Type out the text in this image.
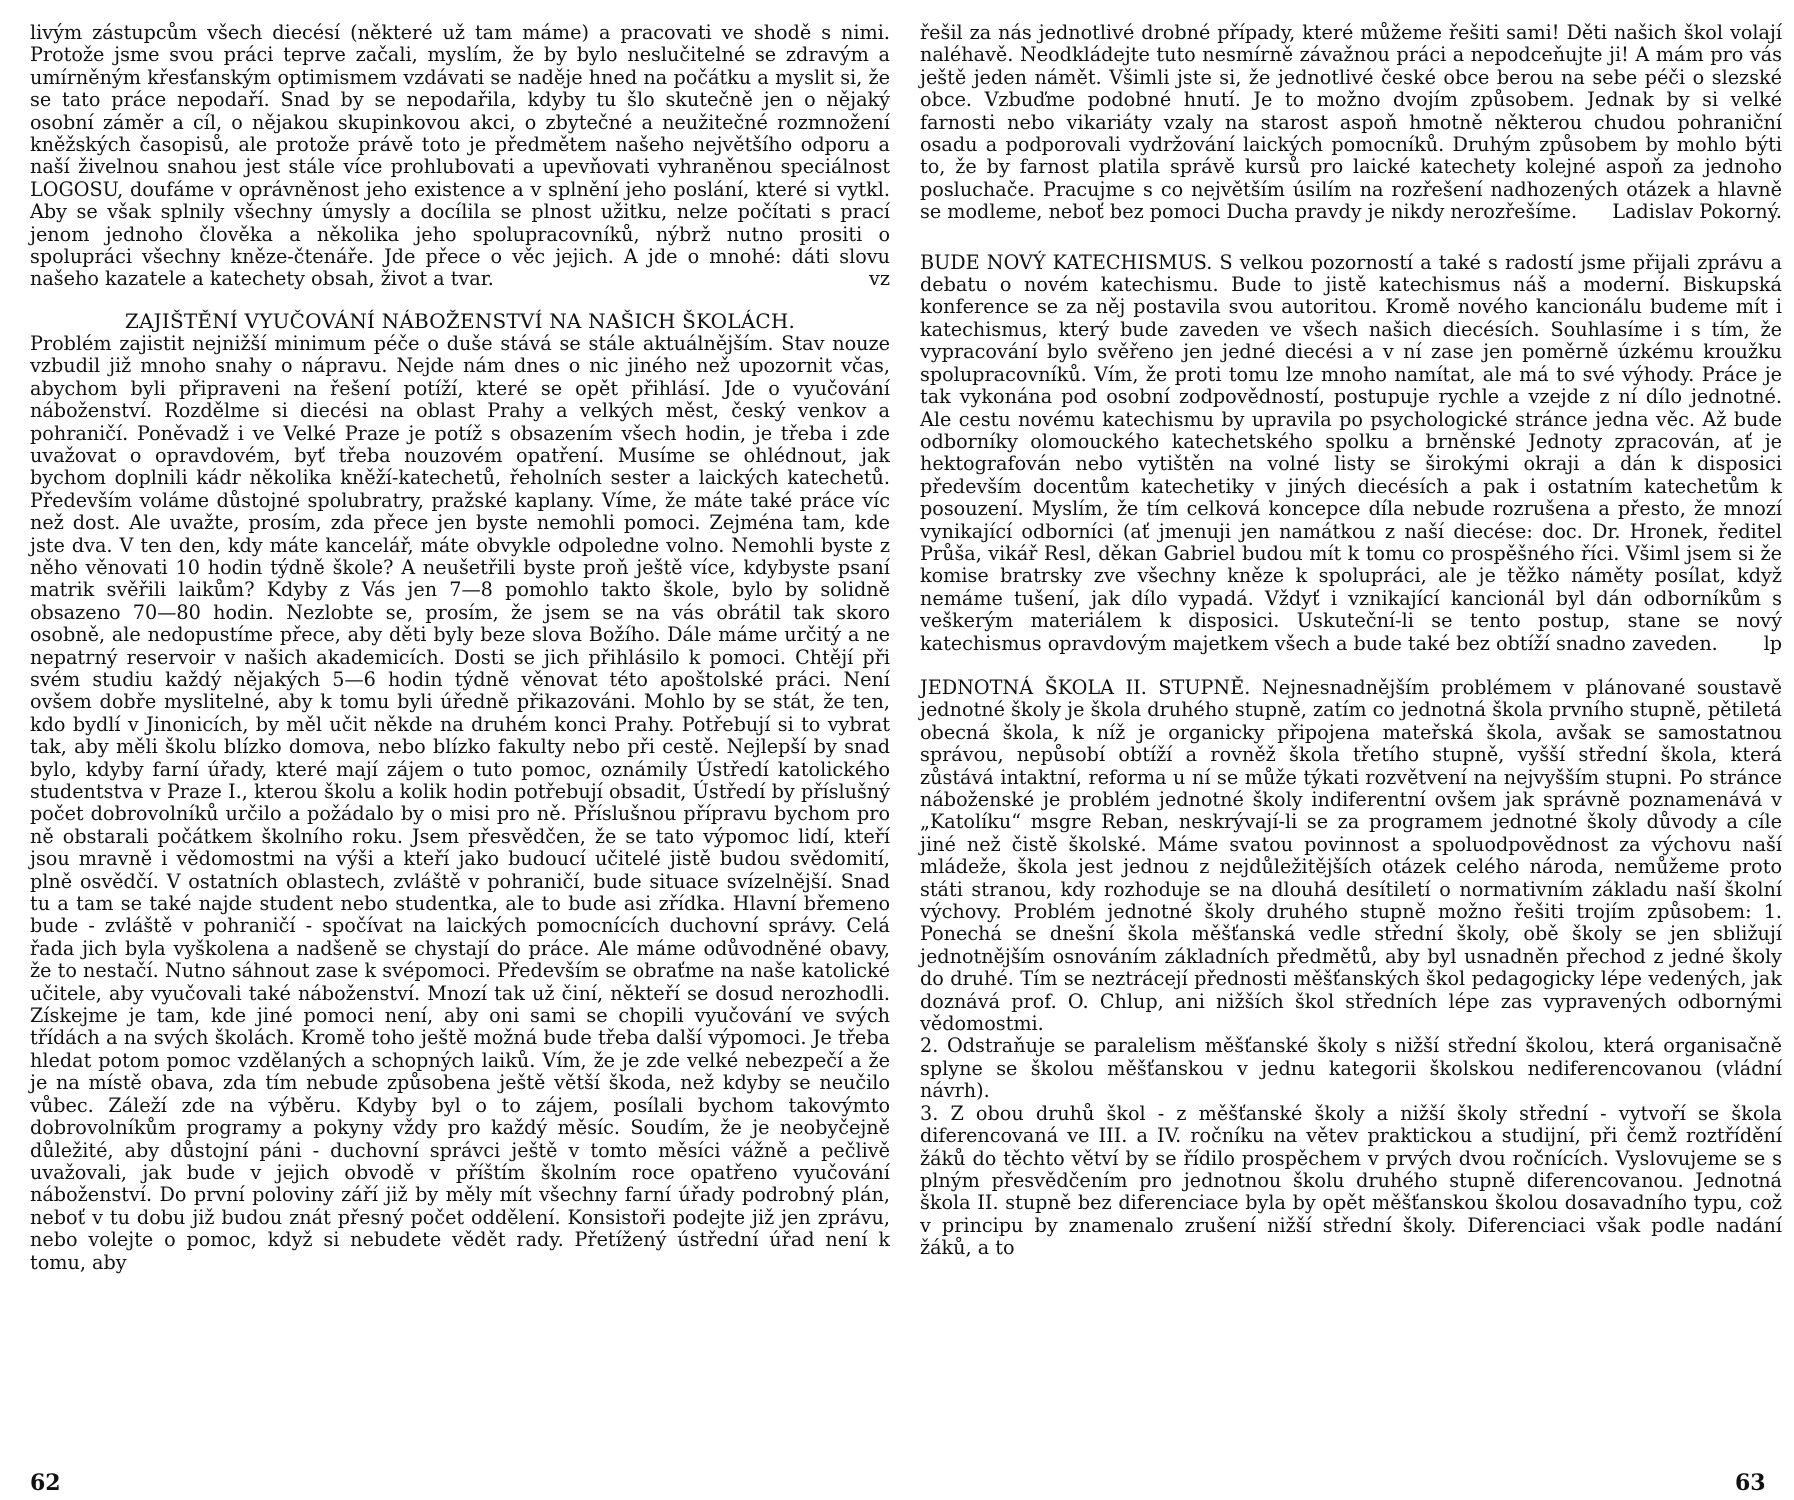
livým zástupcům všech diecésí (některé už tam máme) a pracovati ve shodě s nimi. Protože jsme svou práci teprve začali, myslím, že by bylo neslučitelné se zdravým a umírněným křesťanským optimismem vzdávati se naděje hned na počátku a myslit si, že se tato práce nepodaří. Snad by se nepodařila, kdyby tu šlo skutečně jen o nějaký osobní záměr a cíl, o nějakou skupinkovou akci, o zbytečné a neužitečné rozmnožení kněžských časopisů, ale protože právě toto je předmětem našeho největšího odporu a naší živelnou snahou jest stále více prohlubovati a upevňovati vyhraněnou speciálnost LOGOSU, doufáme v oprávněnost jeho existence a v splnění jeho poslání, které si vytkl. Aby se však splnily všechny úmysly a docílila se plnost užitku, nelze počítati s prací jenom jednoho člověka a několika jeho spolupracovníků, nýbrž nutno prositi o spolupráci všechny kněze-čtenáře. Jde přece o věc jejich. A jde o mnohé: dáti slovu našeho kazatele a katechety obsah, život a tvar.	vz

ZAJIŠTĚNÍ VYUČOVÁNÍ NÁBOŽENSTVÍ NA NAŠICH ŠKOLÁCH.

Problém zajistit nejnižší minimum péče o duše stává se stále aktuálnějším. Stav nouze vzbudil již mnoho snahy o nápravu. Nejde nám dnes o nic jiného než upozornit včas, abychom byli připraveni na řešení potíží, které se opět přihlásí. Jde o vyučování náboženství. Rozdělme si diecési na oblast Prahy a velkých měst, český venkov a pohraničí. Poněvadž i ve Velké Praze je potíž s obsazením všech hodin, je třeba i zde uvažovat o opravdovém, byť třeba nouzovém opatření. Musíme se ohlédnout, jak bychom doplnili kádr několika kněží-katechetů, řeholních sester a laických katechetů. Především voláme důstojné spolubratry, pražské kaplany. Víme, že máte také práce víc než dost. Ale uvažte, prosím, zda přece jen byste nemohli pomoci. Zejména tam, kde jste dva. V ten den, kdy máte kancelář, máte obvykle odpoledne volno. Nemohli byste z něho věnovati 10 hodin týdně škole? A neušetřili byste proň ještě více, kdybyste psaní matrik svěřili laikům? Kdyby z Vás jen 7—8 pomohlo takto škole, bylo by solidně obsazeno 70—80 hodin. Nezlobte se, prosím, že jsem se na vás obrátil tak skoro osobně, ale nedopustíme přece, aby děti byly beze slova Božího. Dále máme určitý a ne nepatrný reservoir v našich akademicích. Dosti se jich přihlásilo k pomoci. Chtějí při svém studiu každý nějakých 5—6 hodin týdně věnovat této apoštolské práci. Není ovšem dobře myslitelné, aby k tomu byli úředně přikazováni. Mohlo by se stát, že ten, kdo bydlí v Jinonicích, by měl učit někde na druhém konci Prahy. Potřebují si to vybrat tak, aby měli školu blízko domova, nebo blízko fakulty nebo při cestě. Nejlepší by snad bylo, kdyby farní úřady, které mají zájem o tuto pomoc, oznámily Ústředí katolického studentstva v Praze I., kterou školu a kolik hodin potřebují obsadit, Ústředí by příslušný počet dobrovolníků určilo a požádalo by o misi pro ně. Příslušnou přípravu bychom pro ně obstarali počátkem školního roku. Jsem přesvědčen, že se tato výpomoc lidí, kteří jsou mravně i vědomostmi na výši a kteří jako budoucí učitelé jistě budou svědomití, plně osvědčí. V ostatních oblastech, zvláště v pohraničí, bude situace svízelnější. Snad tu a tam se také najde student nebo studentka, ale to bude asi zřídka. Hlavní břemeno bude - zvláště v pohraničí - spočívat na laických pomocnících duchovní správy. Celá řada jich byla vyškolena a nadšeně se chystají do práce. Ale máme odůvodněné obavy, že to nestačí. Nutno sáhnout zase k svépomoci. Především se obraťme na naše katolické učitele, aby vyučovali také náboženství. Mnozí tak už činí, někteří se dosud nerozhodli. Získejme je tam, kde jiné pomoci není, aby oni sami se chopili vyučování ve svých třídách a na svých školách. Kromě toho ještě možná bude třeba další výpomoci. Je třeba hledat potom pomoc vzdělaných a schopných laiků. Vím, že je zde velké nebezpečí a že je na místě obava, zda tím nebude způsobena ještě větší škoda, než kdyby se neučilo vůbec. Záleží zde na výběru. Kdyby byl o to zájem, posílali bychom takovýmto dobrovolníkům programy a pokyny vždy pro každý měsíc. Soudím, že je neobyčejně důležité, aby důstojní páni - duchovní správci ještě v tomto měsíci vážně a pečlivě uvažovali, jak bude v jejich obvodě v příštím školním roce opatřeno vyučování náboženství. Do první poloviny září již by měly mít všechny farní úřady podrobný plán, neboť v tu dobu již budou znát přesný počet oddělení. Konsistoři podejte již jen zprávu, nebo volejte o pomoc, když si nebudete vědět rady. Přetížený ústřední úřad není k tomu, aby

řešil za nás jednotlivé drobné případy, které můžeme řešiti sami! Děti našich škol volají naléhavě. Neodkládejte tuto nesmírně závažnou práci a nepodceňujte ji! A mám pro vás ještě jeden námět. Všimli jste si, že jednotlivé české obce berou na sebe péči o slezské obce. Vzbuďme podobné hnutí. Je to možno dvojím způsobem. Jednak by si velké farnosti nebo vikariáty vzaly na starost aspoň hmotně některou chudou pohraniční osadu a podporovali vydržování laických pomocníků. Druhým způsobem by mohlo býti to, že by farnost platila správě kursů pro laické katechety kolejné aspoň za jednoho posluchače. Pracujme s co největším úsilím na rozřešení nadhozených otázek a hlavně se modleme, neboť bez pomoci Ducha pravdy je nikdy nerozřešíme. Ladislav Pokorný.

BUDE NOVÝ KATECHISMUS. S velkou pozorností a také s radostí jsme přijali zprávu a debatu o novém katechismu. Bude to jistě katechismus náš a moderní. Biskupská konference se za něj postavila svou autoritou. Kromě nového kancionálu budeme mít i katechismus, který bude zaveden ve všech našich diecésích. Souhlasíme i s tím, že vypracování bylo svěřeno jen jedné diecési a v ní zase jen poměrně úzkému kroužku spolupracovníků. Vím, že proti tomu lze mnoho namítat, ale má to své výhody. Práce je tak vykonána pod osobní zodpovědností, postupuje rychle a vzejde z ní dílo jednotné. Ale cestu novému katechismu by upravila po psychologické stránce jedna věc. Až bude odborníky olomouckého katechetského spolku a brněnské Jednoty zpracován, ať je hektografován nebo vytištěn na volné listy se širokými okraji a dán k disposici především docentům katechetiky v jiných diecésích a pak i ostatním katechetům k posouzení. Myslím, že tím celková koncepce díla nebude rozrušena a přesto, že mnozí vynikající odborníci (ať jmenuji jen namátkou z naší diecése: doc. Dr. Hronek, ředitel Průša, vikář Resl, děkan Gabriel budou mít k tomu co prospěšného říci. Všiml jsem si že komise bratrsky zve všechny kněze k spolupráci, ale je těžko náměty posílat, když nemáme tušení, jak dílo vypadá. Vždyť i vznikající kancionál byl dán odborníkům s veškerým materiálem k disposici. Uskuteční-li se tento postup, stane se nový katechismus opravdovým majetkem všech a bude také bez obtíží snadno zaveden. lp

JEDNOTNÁ ŠKOLA II. STUPNĚ. Nejnesnadnějším problémem v plánované soustavě jednotné školy je škola druhého stupně, zatím co jednotná škola prvního stupně, pětiletá obecná škola, k níž je organicky připojena mateřská škola, avšak se samostatnou správou, nepůsobí obtíží a rovněž škola třetího stupně, vyšší střední škola, která zůstává intaktní, reforma u ní se může týkati rozvětvení na nejvyšším stupni. Po stránce náboženské je problém jednotné školy indiferentní ovšem jak správně poznamenává v „Katolíku“ msgre Reban, neskrývají-li se za programem jednotné školy důvody a cíle jiné než čistě školské. Máme svatou povinnost a spoluodpovědnost za výchovu naší mládeže, škola jest jednou z nejdůležitějších otázek celého národa, nemůžeme proto státi stranou, kdy rozhoduje se na dlouhá desítiletí o normativním základu naší školní výchovy. Problém jednotné školy druhého stupně možno řešiti trojím způsobem: 1. Ponechá se dnešní škola měšťanská vedle střední školy, obě školy se jen sbližují jednotnějším osnováním základních předmětů, aby byl usnadněn přechod z jedné školy do druhé. Tím se neztrácejí přednosti měšťanských škol pedagogicky lépe vedených, jak doznává prof. O. Chlup, ani nižších škol středních lépe zas vypravených odbornými vědomostmi.

2. Odstraňuje se paralelism měšťanské školy s nižší střední školou, která organisačně splyne se školou měšťanskou v jednu kategorii školskou nediferencovanou (vládní návrh).

3. Z obou druhů škol - z měšťanské školy a nižší školy střední - vytvoří se škola diferencovaná ve III. a IV. ročníku na větev praktickou a studijní, při čemž roztřídění žáků do těchto větví by se řídilo prospěchem v prvých dvou ročnících. Vyslovujeme se s plným přesvědčením pro jednotnou školu druhého stupně diferencovanou. Jednotná škola II. stupně bez diferenciace byla by opět měšťanskou školou dosavadního typu, což v principu by znamenalo zrušení nižší střední školy. Diferenciaci však podle nadání žáků, a to

62	63
